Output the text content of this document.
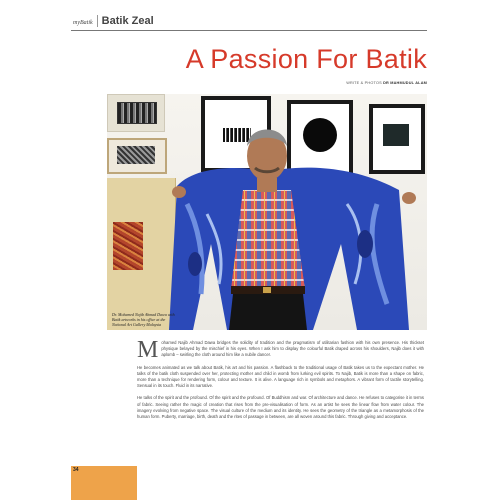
myBatik Batik Zeal
A Passion For Batik
WRITE & PHOTOS DR MAHMUDUL ALAM
Dr. Mohamed Najib Ahmad Dawa with Batik artworks in his office at the National Art Gallery Malaysia

Mohamed Najib Ahmad Dawa bridges the solidity of tradition and the pragmatism of utilitarian fashion with his own presence. His thickset physique belayed by the mischief in his eyes. When I ask him to display the colourful Batik draped across his shoulders, Najib does it with aplomb – swirling the cloth around him like a nubile dancer.

He becomes animated as we talk about Batik, his art and his passion. A flashback to the traditional usage of Batik takes us to the expectant mother. He talks of the batik cloth suspended over her, protecting mother and child in womb from lurking evil spirits. To Najib, Batik is more than a shape on fabric, more than a technique for rendering form, colour and texture. It is alive. A language rich in symbols and metaphors. A vibrant form of tactile storytelling. Sensual in its touch. Fluid in its narrative.

He talks of the spirit and the profound. Of the spirit and the profound. Of Buddhism and war. Of architecture and dance. He refuses to categorise it in terms of fabric. Seeing rather the magic of creation that rises from the pre-visualisation of form. As an artist he sees the linear flow from water colour. The imagery evolving from negative space. The visual culture of the medium and its identity. He sees the geometry of the triangle as a metamorphosis of the human form. Puberty, marriage, birth, death and the rites of passage in between, are all woven around this fabric. Through giving and acceptance.

34
